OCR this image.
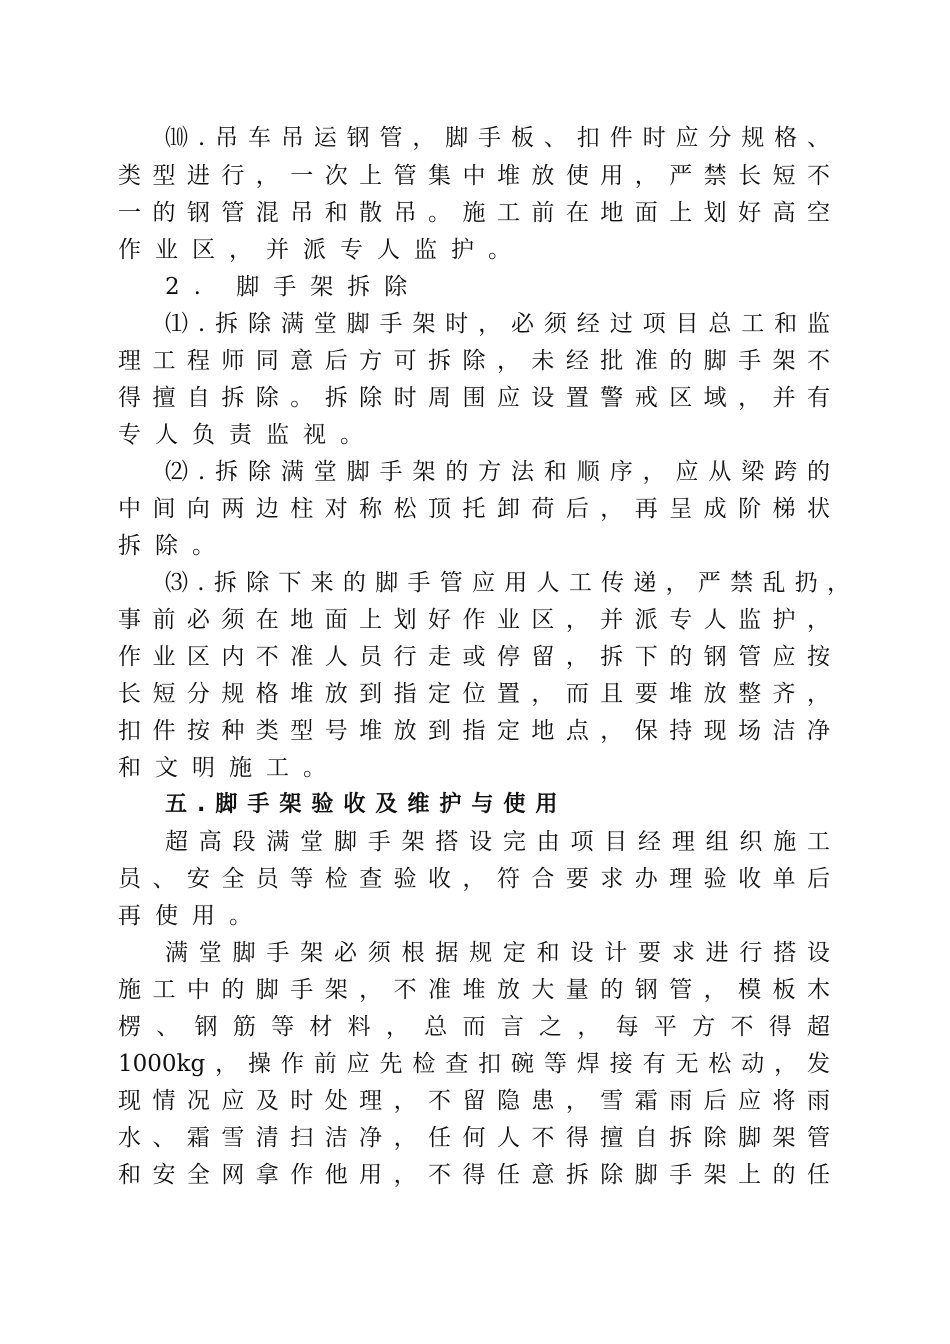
⑽.吊车吊运钢管，脚手板、扣件时应分规格、
类型进行，一次上管集中堆放使用，严禁长短不
一的钢管混吊和散吊。施工前在地面上划好高空
作业区，并派专人监护。
2. 脚手架拆除
⑴.拆除满堂脚手架时，必须经过项目总工和监
理工程师同意后方可拆除，未经批准的脚手架不
得擅自拆除。拆除时周围应设置警戒区域，并有
专人负责监视。
⑵.拆除满堂脚手架的方法和顺序，应从梁跨的
中间向两边柱对称松顶托卸荷后，再呈成阶梯状
拆除。
⑶.拆除下来的脚手管应用人工传递，严禁乱扔，
事前必须在地面上划好作业区，并派专人监护，
作业区内不准人员行走或停留，拆下的钢管应按
长短分规格堆放到指定位置，而且要堆放整齐，
扣件按种类型号堆放到指定地点，保持现场洁净
和文明施工。
五.脚手架验收及维护与使用
超高段满堂脚手架搭设完由项目经理组织施工
员、安全员等检查验收，符合要求办理验收单后
再使用。
满堂脚手架必须根据规定和设计要求进行搭设
施工中的脚手架，不准堆放大量的钢管，模板木
楞、钢筋等材料，总而言之，每平方不得超
1000kg，操作前应先检查扣碗等焊接有无松动，发
现情况应及时处理，不留隐患，雪霜雨后应将雨
水、霜雪清扫洁净，任何人不得擅自拆除脚架管
和安全网拿作他用，不得任意拆除脚手架上的任
